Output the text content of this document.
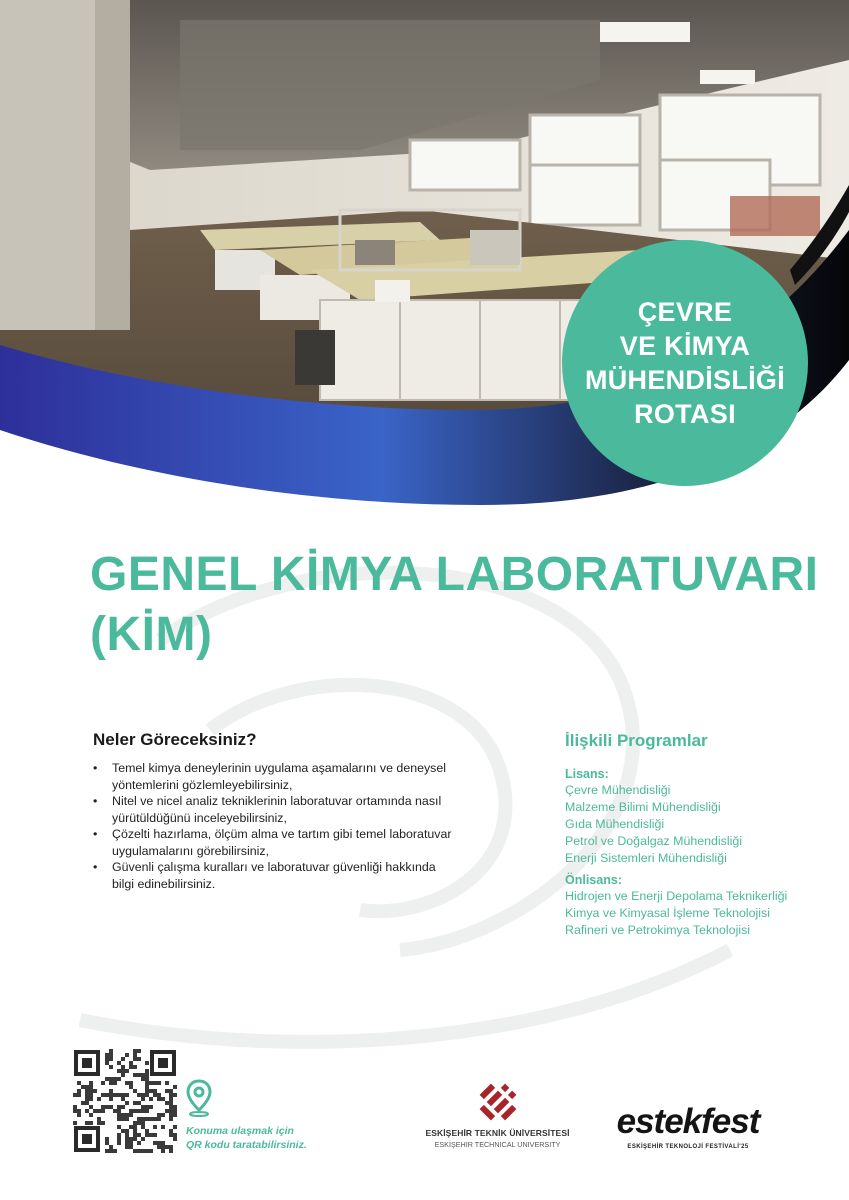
ÇEVRE
VE KİMYA
MÜHENDİSLİĞİ
ROTASI
GENEL KİMYA LABORATUVARI
(KİM)
Neler Göreceksiniz?
• Temel kimya deneylerinin uygulama aşamalarını ve deneysel
yöntemlerini gözlemleyebilirsiniz,
• Nitel ve nicel analiz tekniklerinin laboratuvar ortamında nasıl
yürütüldüğünü inceleyebilirsiniz,
• Çözelti hazırlama, ölçüm alma ve tartım gibi temel laboratuvar
uygulamalarını görebilirsiniz,
• Güvenli çalışma kuralları ve laboratuvar güvenliği hakkında
bilgi edinebilirsiniz.
İlişkili Programlar
Lisans:
Çevre Mühendisliği
Malzeme Bilimi Mühendisliği
Gıda Mühendisliği
Petrol ve Doğalgaz Mühendisliği
Enerji Sistemleri Mühendisliği
Önlisans:
Hidrojen ve Enerji Depolama Teknikerliği
Kimya ve Kimyasal İşleme Teknolojisi
Rafineri ve Petrokimya Teknolojisi
Konuma ulaşmak için
QR kodu taratabilirsiniz.
ESKİŞEHİR TEKNİK ÜNİVERSİTESİ
ESKİŞEHIR TECHNICAL UNIVERSITY
estekfest
ESKİŞEHİR TEKNOLOJİ FESTİVALİ'25
